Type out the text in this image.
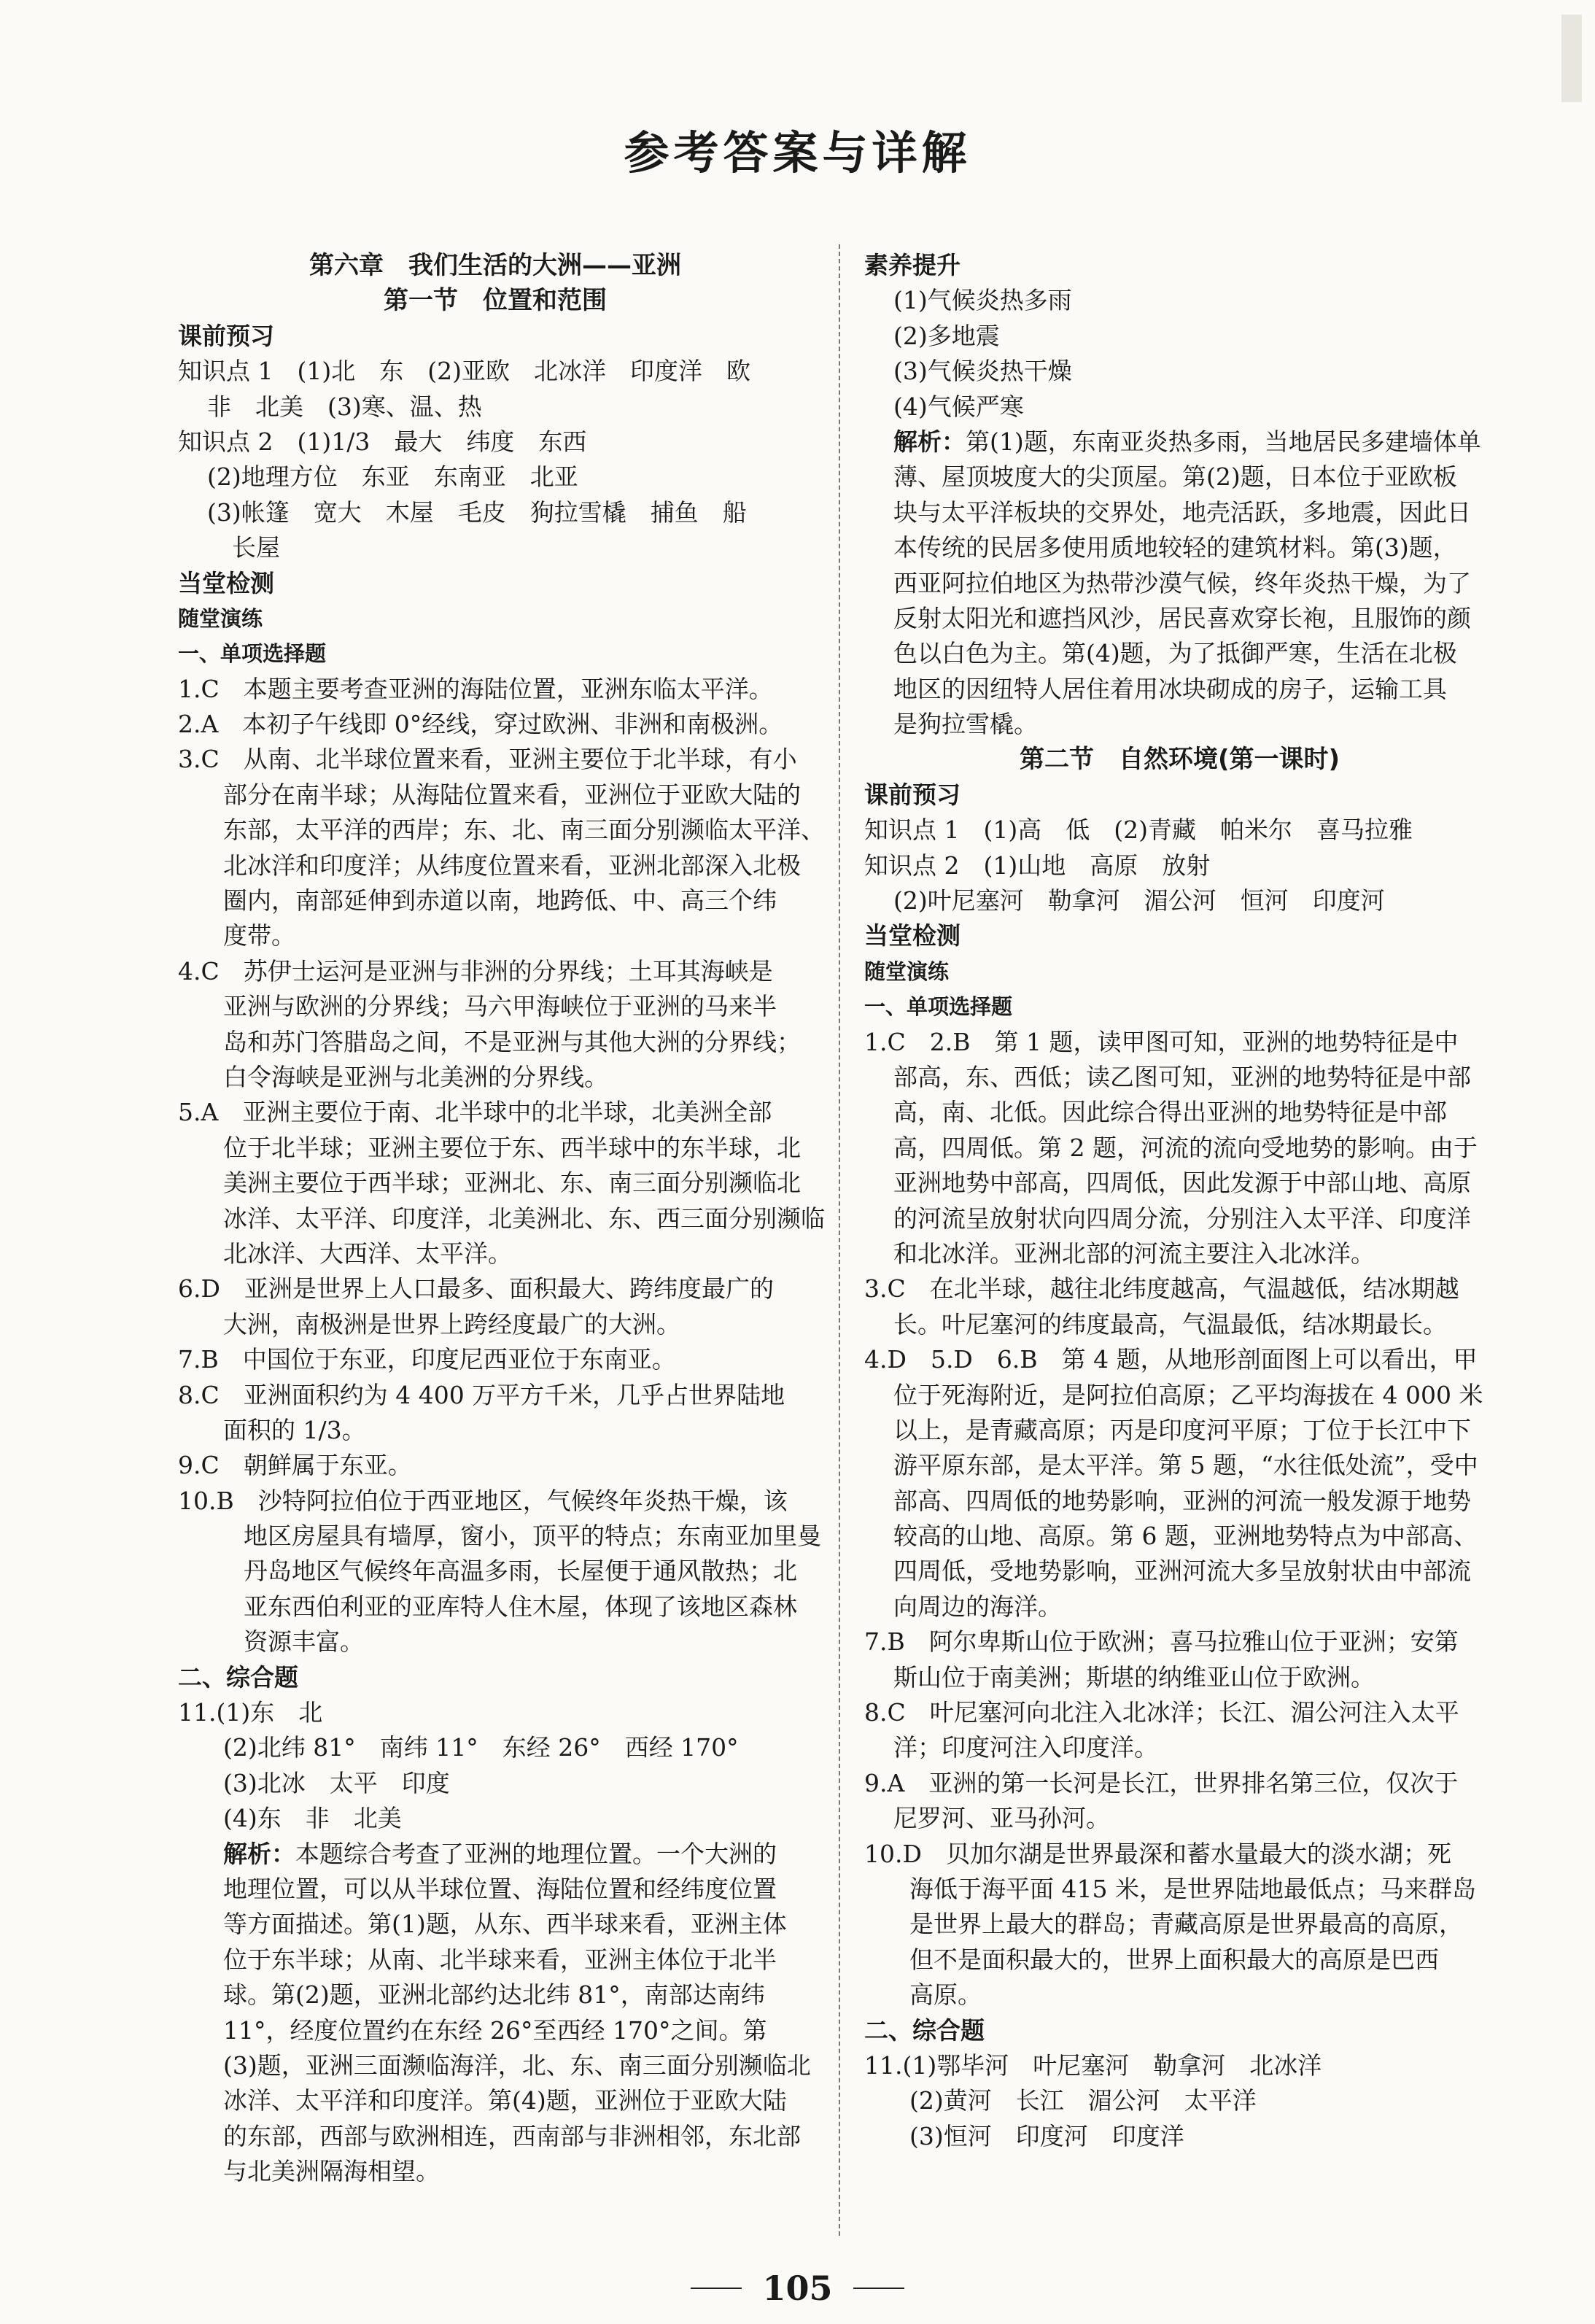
参考答案与详解
第六章　我们生活的大洲——亚洲
第一节　位置和范围
课前预习
知识点 1　(1)北　东　(2)亚欧　北冰洋　印度洋　欧
非　北美　(3)寒、温、热
知识点 2　(1)1/3　最大　纬度　东西
(2)地理方位　东亚　东南亚　北亚
(3)帐篷　宽大　木屋　毛皮　狗拉雪橇　捕鱼　船
长屋
当堂检测
随堂演练
一、单项选择题
1.C　本题主要考查亚洲的海陆位置，亚洲东临太平洋。
2.A　本初子午线即 0°经线，穿过欧洲、非洲和南极洲。
3.C　从南、北半球位置来看，亚洲主要位于北半球，有小
部分在南半球；从海陆位置来看，亚洲位于亚欧大陆的
东部，太平洋的西岸；东、北、南三面分别濒临太平洋、
北冰洋和印度洋；从纬度位置来看，亚洲北部深入北极
圈内，南部延伸到赤道以南，地跨低、中、高三个纬
度带。
4.C　苏伊士运河是亚洲与非洲的分界线；土耳其海峡是
亚洲与欧洲的分界线；马六甲海峡位于亚洲的马来半
岛和苏门答腊岛之间，不是亚洲与其他大洲的分界线；
白令海峡是亚洲与北美洲的分界线。
5.A　亚洲主要位于南、北半球中的北半球，北美洲全部
位于北半球；亚洲主要位于东、西半球中的东半球，北
美洲主要位于西半球；亚洲北、东、南三面分别濒临北
冰洋、太平洋、印度洋，北美洲北、东、西三面分别濒临
北冰洋、大西洋、太平洋。
6.D　亚洲是世界上人口最多、面积最大、跨纬度最广的
大洲，南极洲是世界上跨经度最广的大洲。
7.B　中国位于东亚，印度尼西亚位于东南亚。
8.C　亚洲面积约为 4 400 万平方千米，几乎占世界陆地
面积的 1/3。
9.C　朝鲜属于东亚。
10.B　沙特阿拉伯位于西亚地区，气候终年炎热干燥，该
地区房屋具有墙厚，窗小，顶平的特点；东南亚加里曼
丹岛地区气候终年高温多雨，长屋便于通风散热；北
亚东西伯利亚的亚库特人住木屋，体现了该地区森林
资源丰富。
二、综合题
11.(1)东　北
(2)北纬 81°　南纬 11°　东经 26°　西经 170°
(3)北冰　太平　印度
(4)东　非　北美
解析：本题综合考查了亚洲的地理位置。一个大洲的
地理位置，可以从半球位置、海陆位置和经纬度位置
等方面描述。第(1)题，从东、西半球来看，亚洲主体
位于东半球；从南、北半球来看，亚洲主体位于北半
球。第(2)题，亚洲北部约达北纬 81°，南部达南纬
11°，经度位置约在东经 26°至西经 170°之间。第
(3)题，亚洲三面濒临海洋，北、东、南三面分别濒临北
冰洋、太平洋和印度洋。第(4)题，亚洲位于亚欧大陆
的东部，西部与欧洲相连，西南部与非洲相邻，东北部
与北美洲隔海相望。
素养提升
(1)气候炎热多雨
(2)多地震
(3)气候炎热干燥
(4)气候严寒
解析：第(1)题，东南亚炎热多雨，当地居民多建墙体单
薄、屋顶坡度大的尖顶屋。第(2)题，日本位于亚欧板
块与太平洋板块的交界处，地壳活跃，多地震，因此日
本传统的民居多使用质地较轻的建筑材料。第(3)题，
西亚阿拉伯地区为热带沙漠气候，终年炎热干燥，为了
反射太阳光和遮挡风沙，居民喜欢穿长袍，且服饰的颜
色以白色为主。第(4)题，为了抵御严寒，生活在北极
地区的因纽特人居住着用冰块砌成的房子，运输工具
是狗拉雪橇。
第二节　自然环境(第一课时)
课前预习
知识点 1　(1)高　低　(2)青藏　帕米尔　喜马拉雅
知识点 2　(1)山地　高原　放射
(2)叶尼塞河　勒拿河　湄公河　恒河　印度河
当堂检测
随堂演练
一、单项选择题
1.C　2.B　第 1 题，读甲图可知，亚洲的地势特征是中
部高，东、西低；读乙图可知，亚洲的地势特征是中部
高，南、北低。因此综合得出亚洲的地势特征是中部
高，四周低。第 2 题，河流的流向受地势的影响。由于
亚洲地势中部高，四周低，因此发源于中部山地、高原
的河流呈放射状向四周分流，分别注入太平洋、印度洋
和北冰洋。亚洲北部的河流主要注入北冰洋。
3.C　在北半球，越往北纬度越高，气温越低，结冰期越
长。叶尼塞河的纬度最高，气温最低，结冰期最长。
4.D　5.D　6.B　第 4 题，从地形剖面图上可以看出，甲
位于死海附近，是阿拉伯高原；乙平均海拔在 4 000 米
以上，是青藏高原；丙是印度河平原；丁位于长江中下
游平原东部，是太平洋。第 5 题，“水往低处流”，受中
部高、四周低的地势影响，亚洲的河流一般发源于地势
较高的山地、高原。第 6 题，亚洲地势特点为中部高、
四周低，受地势影响，亚洲河流大多呈放射状由中部流
向周边的海洋。
7.B　阿尔卑斯山位于欧洲；喜马拉雅山位于亚洲；安第
斯山位于南美洲；斯堪的纳维亚山位于欧洲。
8.C　叶尼塞河向北注入北冰洋；长江、湄公河注入太平
洋；印度河注入印度洋。
9.A　亚洲的第一长河是长江，世界排名第三位，仅次于
尼罗河、亚马孙河。
10.D　贝加尔湖是世界最深和蓄水量最大的淡水湖；死
海低于海平面 415 米，是世界陆地最低点；马来群岛
是世界上最大的群岛；青藏高原是世界最高的高原，
但不是面积最大的，世界上面积最大的高原是巴西
高原。
二、综合题
11.(1)鄂毕河　叶尼塞河　勒拿河　北冰洋
(2)黄河　长江　湄公河　太平洋
(3)恒河　印度河　印度洋
105
